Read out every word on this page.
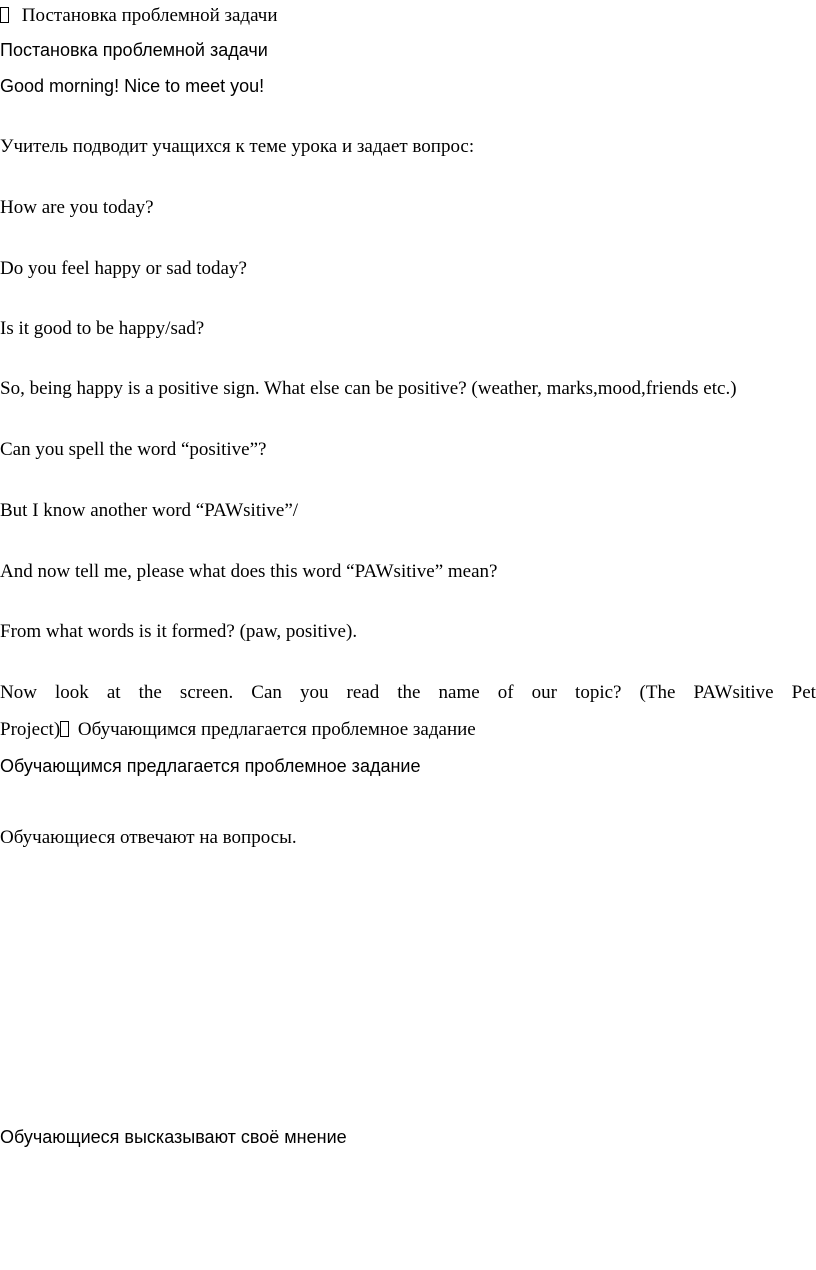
Постановка проблемной задачи
Постановка проблемной задачи
Good morning! Nice to meet you!
Учитель подводит учащихся к теме урока и задает вопрос:
How are you today?
Do you feel happy or sad today?
Is it good to be happy/sad?
So, being happy is a positive sign. What else can be positive? (weather, marks,mood,friends etc.)
Can you spell the word “positive”?
But I know another word “PAWsitive”/
And now tell me, please what does this word “PAWsitive” mean?
From what words is it formed? (paw, positive).
Now look at the screen. Can you read the name of our topic? (The PAWsitive Pet
Project) Обучающимся предлагается проблемное задание
Обучающимся предлагается проблемное задание
Обучающиеся отвечают на вопросы.
Обучающиеся высказывают своё мнение
